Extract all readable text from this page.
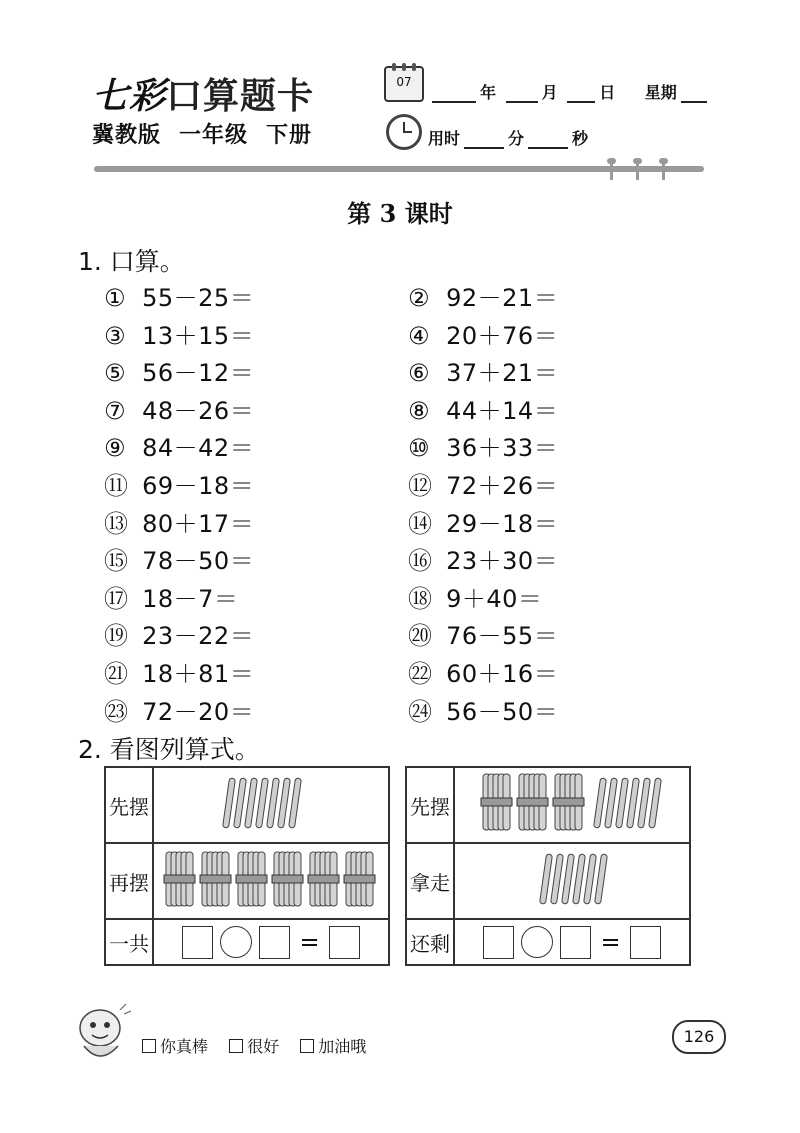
七彩口算题卡
冀教版 一年级 下册
07
年	月	日 星期
用时	分	秒
第 3 课时
1. 口算。
① 55－25＝	② 92－21＝
③ 13＋15＝	④ 20＋76＝
⑤ 56－12＝	⑥ 37＋21＝
⑦ 48－26＝	⑧ 44＋14＝
⑨ 84－42＝	⑩ 36＋33＝
⑪ 69－18＝	⑫ 72＋26＝
⑬ 80＋17＝	⑭ 29－18＝
⑮ 78－50＝	⑯ 23＋30＝
⑰ 18－7＝	⑱ 9＋40＝
⑲ 23－22＝	⑳ 76－55＝
㉑ 18＋81＝	㉒ 60＋16＝
㉓ 72－20＝	㉔ 56－50＝
2. 看图列算式。
先摆	
再摆	
一共	=
先摆	
拿走	
还剩	=
你真棒 很好 加油哦
126
